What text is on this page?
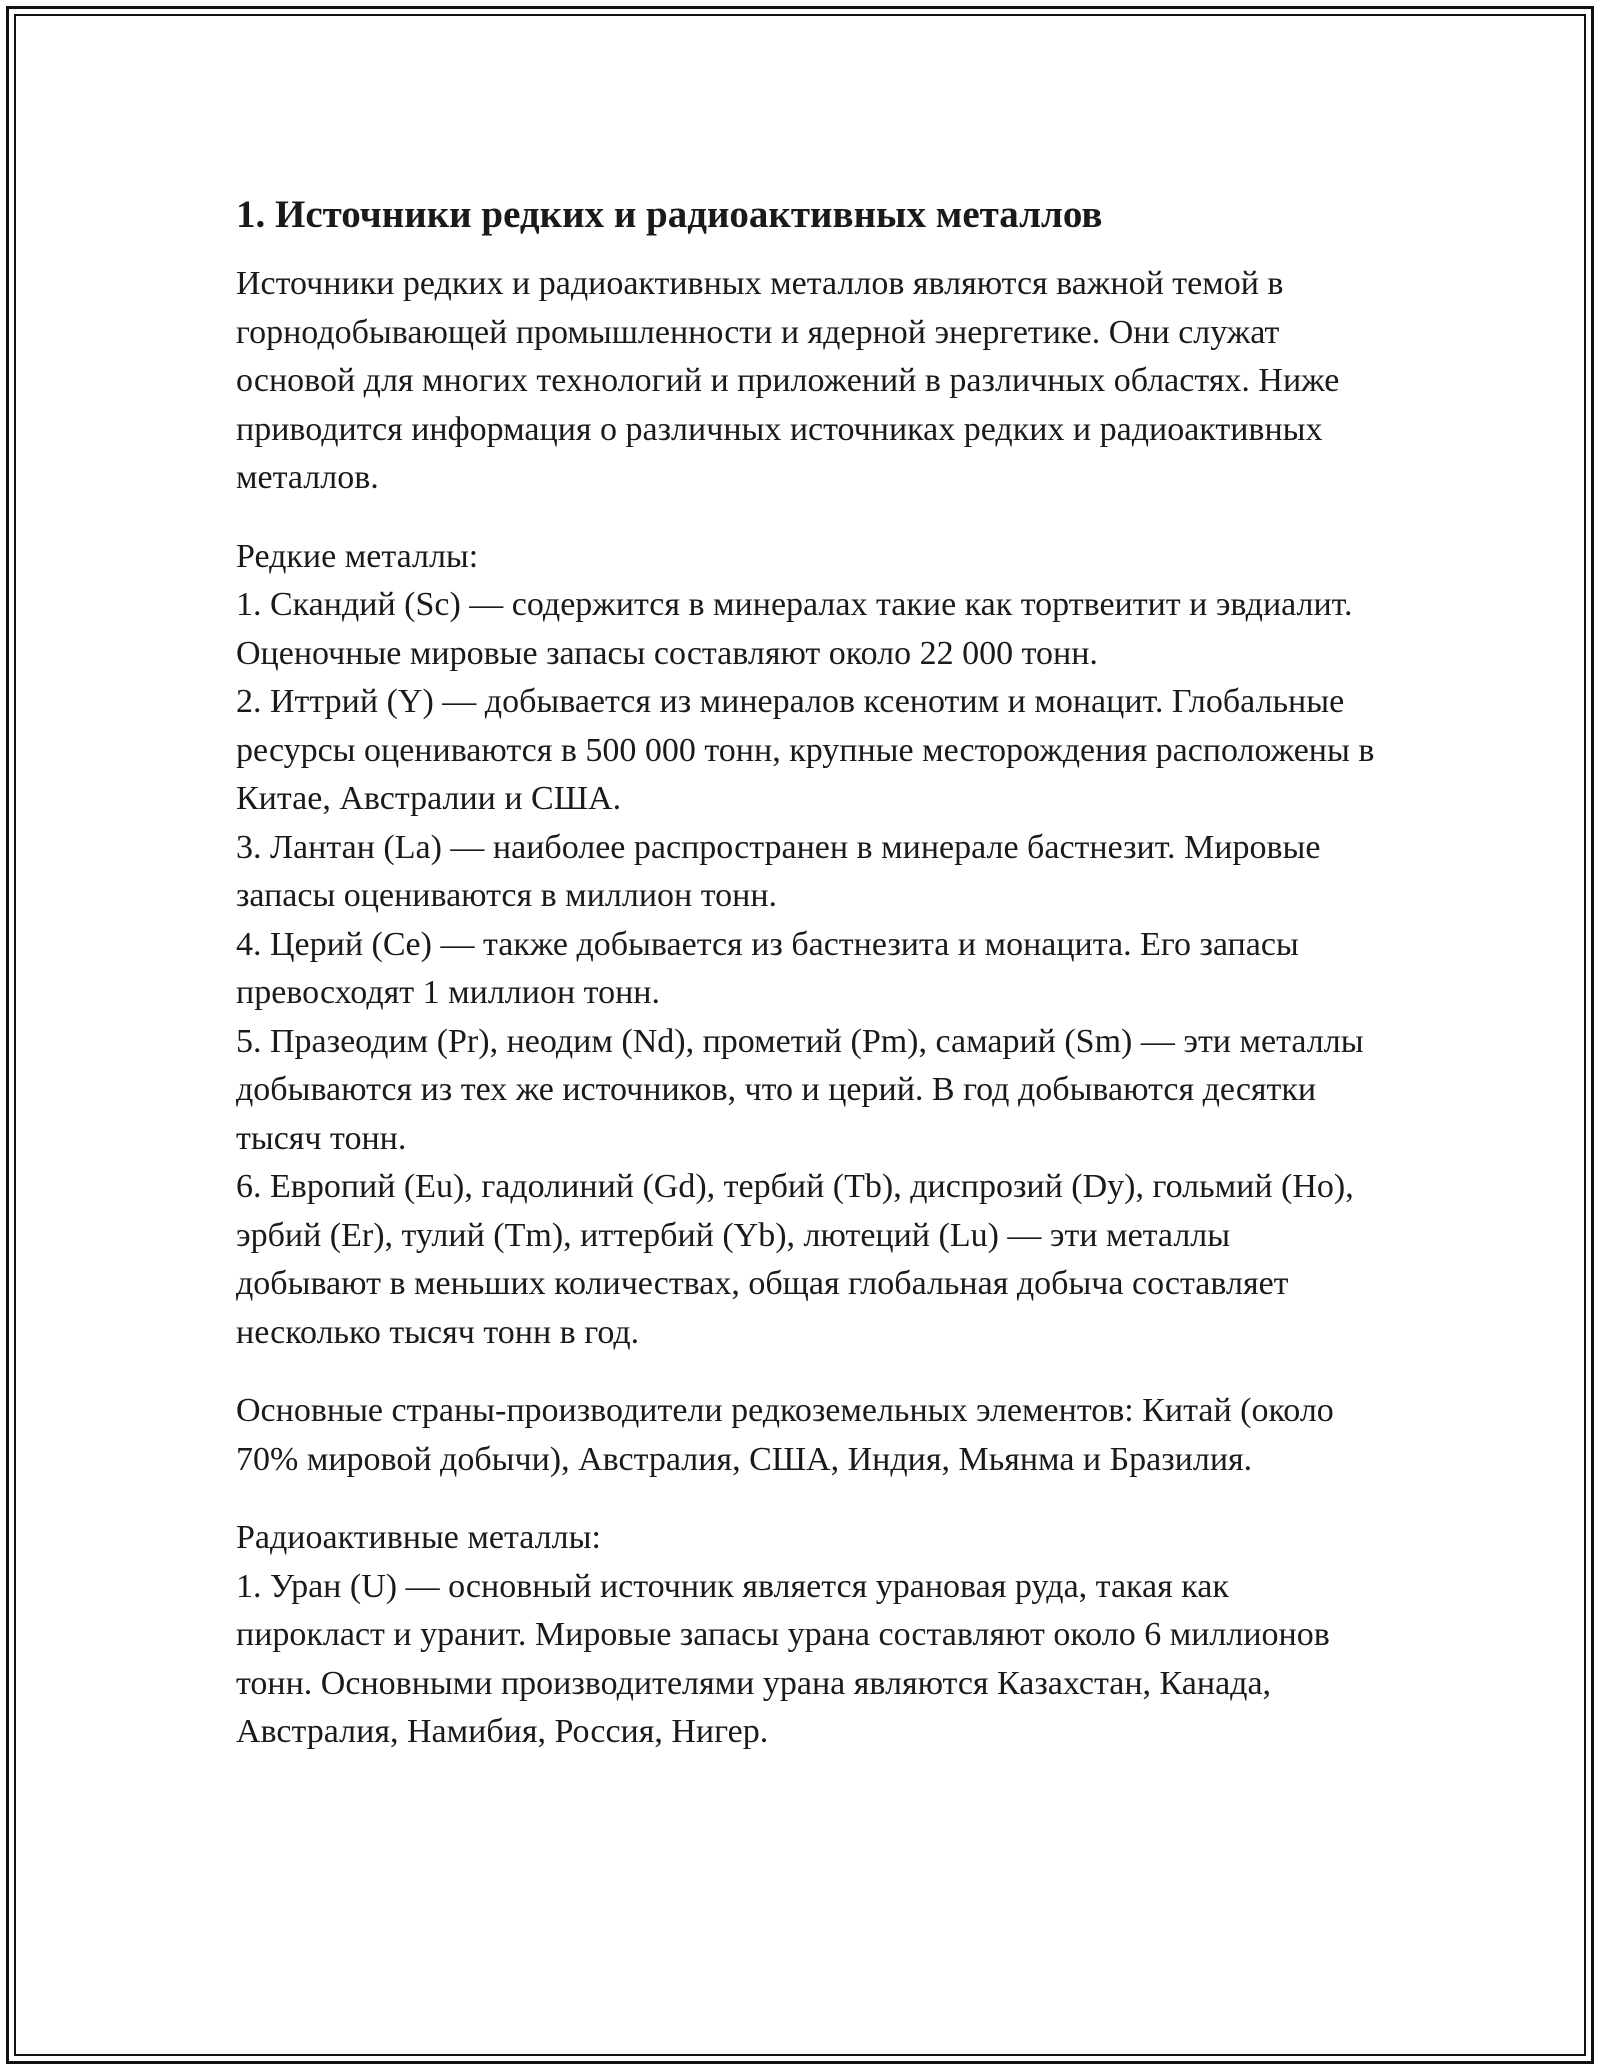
1. Источники редких и радиоактивных металлов

Источники редких и радиоактивных металлов являются важной темой в горнодобывающей промышленности и ядерной энергетике. Они служат основой для многих технологий и приложений в различных областях. Ниже приводится информация о различных источниках редких и радиоактивных металлов.

Редкие металлы:

1. Скандий (Sc) — содержится в минералах такие как тортвеитит и эвдиалит. Оценочные мировые запасы составляют около 22 000 тонн.

2. Иттрий (Y) — добывается из минералов ксенотим и монацит. Глобальные ресурсы оцениваются в 500 000 тонн, крупные месторождения расположены в Китае, Австралии и США.

3. Лантан (La) — наиболее распространен в минерале бастнезит. Мировые запасы оцениваются в миллион тонн.

4. Церий (Ce) — также добывается из бастнезита и монацита. Его запасы превосходят 1 миллион тонн.

5. Празеодим (Pr), неодим (Nd), прометий (Pm), самарий (Sm) — эти металлы добываются из тех же источников, что и церий. В год добываются десятки тысяч тонн.

6. Европий (Eu), гадолиний (Gd), тербий (Tb), диспрозий (Dy), гольмий (Ho), эрбий (Er), тулий (Tm), иттербий (Yb), лютеций (Lu) — эти металлы добывают в меньших количествах, общая глобальная добыча составляет несколько тысяч тонн в год.

Основные страны-производители редкоземельных элементов: Китай (около 70% мировой добычи), Австралия, США, Индия, Мьянма и Бразилия.

Радиоактивные металлы:

1. Уран (U) — основный источник является урановая руда, такая как пирокласт и уранит. Мировые запасы урана составляют около 6 миллионов тонн. Основными производителями урана являются Казахстан, Канада, Австралия, Намибия, Россия, Нигер.
